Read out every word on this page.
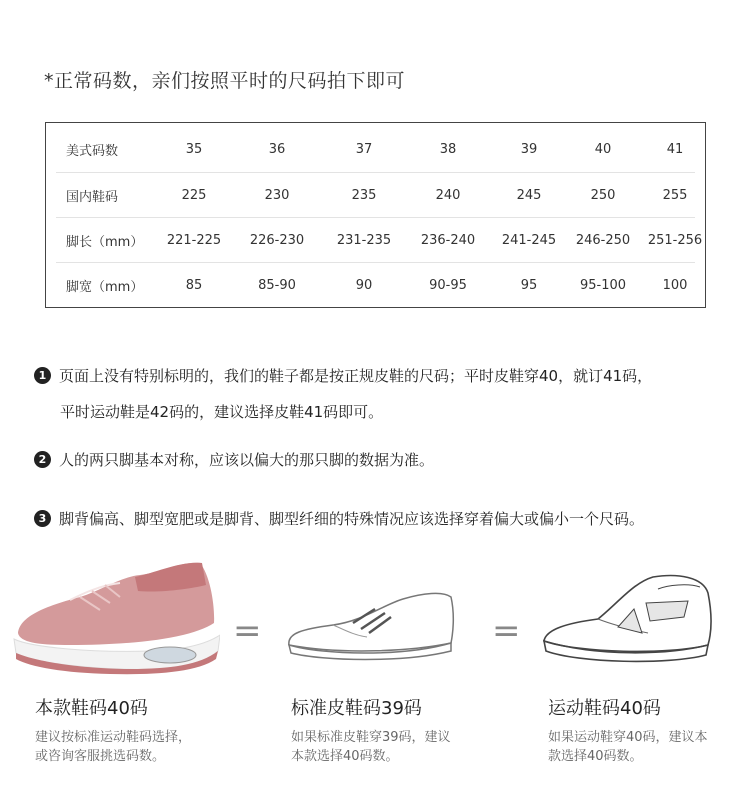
*正常码数，亲们按照平时的尺码拍下即可
美式码数	35	36	37	38	39	40	41
国内鞋码	225	230	235	240	245	250	255
脚长（mm）	221-225	226-230	231-235	236-240	241-245	246-250	251-256
脚宽（mm）	85	85-90	90	90-95	95	95-100	100
1 页面上没有特别标明的，我们的鞋子都是按正规皮鞋的尺码；平时皮鞋穿40，就订41码，
平时运动鞋是42码的，建议选择皮鞋41码即可。
2 人的两只脚基本对称，应该以偏大的那只脚的数据为准。
3 脚背偏高、脚型宽肥或是脚背、脚型纤细的特殊情况应该选择穿着偏大或偏小一个尺码。
=	=
本款鞋码40码
建议按标准运动鞋码选择，或咨询客服挑选码数。
标准皮鞋码39码
如果标准皮鞋穿39码，建议本款选择40码数。
运动鞋码40码
如果运动鞋穿40码，建议本款选择40码数。
